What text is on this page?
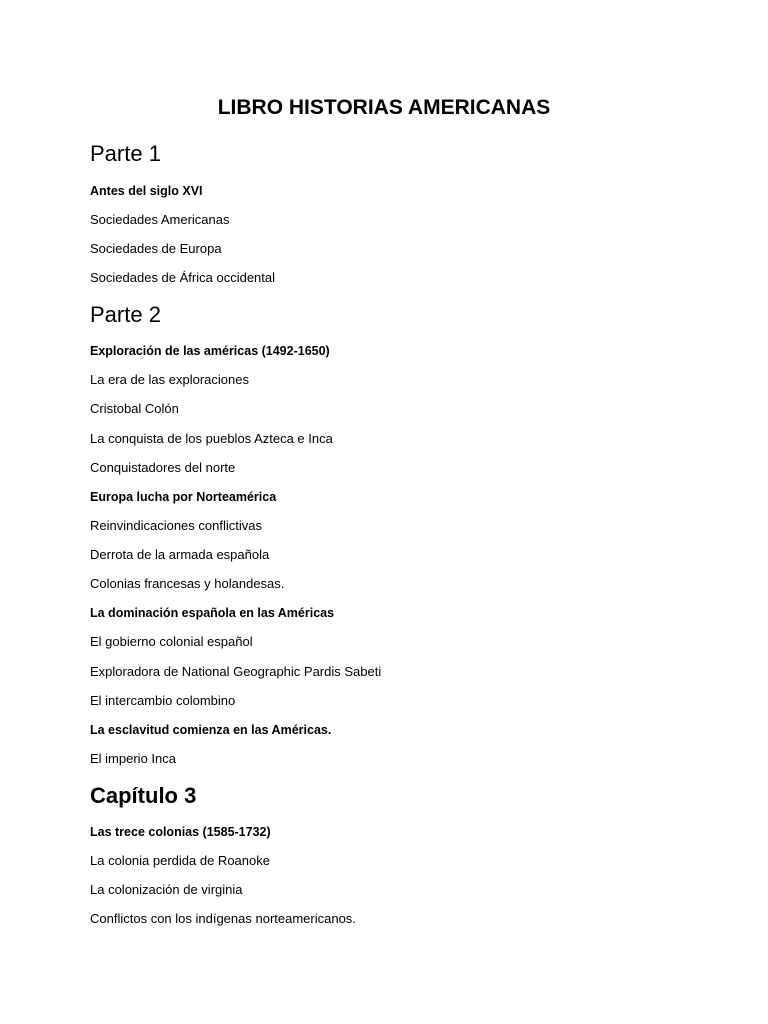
LIBRO HISTORIAS AMERICANAS
Parte 1
Antes del siglo XVI
Sociedades Americanas
Sociedades de Europa
Sociedades de África occidental
Parte 2
Exploración de las américas (1492-1650)
La era de las exploraciones
Cristobal Colón
La conquista de los pueblos Azteca e Inca
Conquistadores del norte
Europa lucha por Norteamérica
Reinvindicaciones conflictivas
Derrota de la armada española
Colonias francesas y holandesas.
La dominación española en las Américas
El gobierno colonial español
Exploradora de National Geographic Pardis Sabeti
El intercambio colombino
La esclavitud comienza en las Américas.
El imperio Inca
Capítulo 3
Las trece colonias (1585-1732)
La colonia perdida de Roanoke
La colonización de virginia
Conflictos con los indígenas norteamericanos.
